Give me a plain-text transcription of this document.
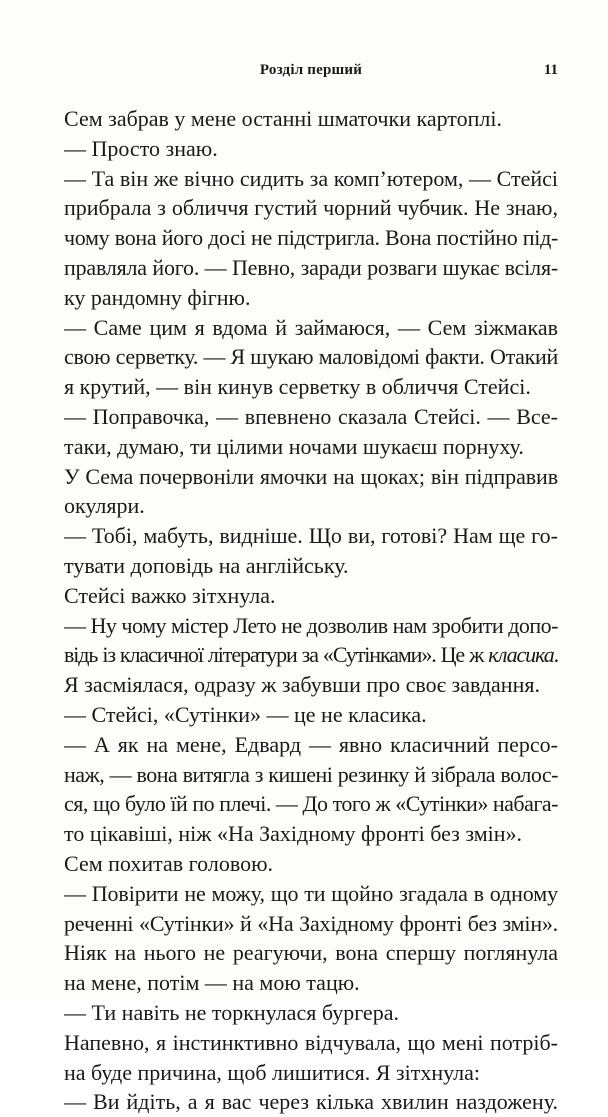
Розділ перший	11
Сем забрав у мене останні шматочки картоплі.
— Просто знаю.
— Та він же вічно сидить за комп’ютером, — Стейсі
прибрала з обличчя густий чорний чубчик. Не знаю,
чому вона його досі не підстригла. Вона постійно під-
правляла його. — Певно, заради розваги шукає всіля-
ку рандомну фігню.
— Саме цим я вдома й займаюся, — Сем зіжмакав
свою серветку. — Я шукаю маловідомі факти. Отакий
я крутий, — він кинув серветку в обличчя Стейсі.
— Поправочка, — впевнено сказала Стейсі. — Все-
таки, думаю, ти цілими ночами шукаєш порнуху.
У Сема почервоніли ямочки на щоках; він підправив
окуляри.
— Тобі, мабуть, видніше. Що ви, готові? Нам ще го-
тувати доповідь на англійську.
Стейсі важко зітхнула.
— Ну чому містер Лето не дозволив нам зробити допо-
відь із класичної літератури за «Сутінками». Це ж класика.
Я засміялася, одразу ж забувши про своє завдання.
— Стейсі, «Сутінки» — це не класика.
— А як на мене, Едвард — явно класичний персо-
наж, — вона витягла з кишені резинку й зібрала волос-
ся, що було їй по плечі. — До того ж «Сутінки» набага-
то цікавіші, ніж «На Західному фронті без змін».
Сем похитав головою.
— Повірити не можу, що ти щойно згадала в одному
реченні «Сутінки» й «На Західному фронті без змін».
Ніяк на нього не реагуючи, вона спершу поглянула
на мене, потім — на мою тацю.
— Ти навіть не торкнулася бургера.
Напевно, я інстинктивно відчувала, що мені потріб-
на буде причина, щоб лишитися. Я зітхнула:
— Ви йдіть, а я вас через кілька хвилин наздожену.
